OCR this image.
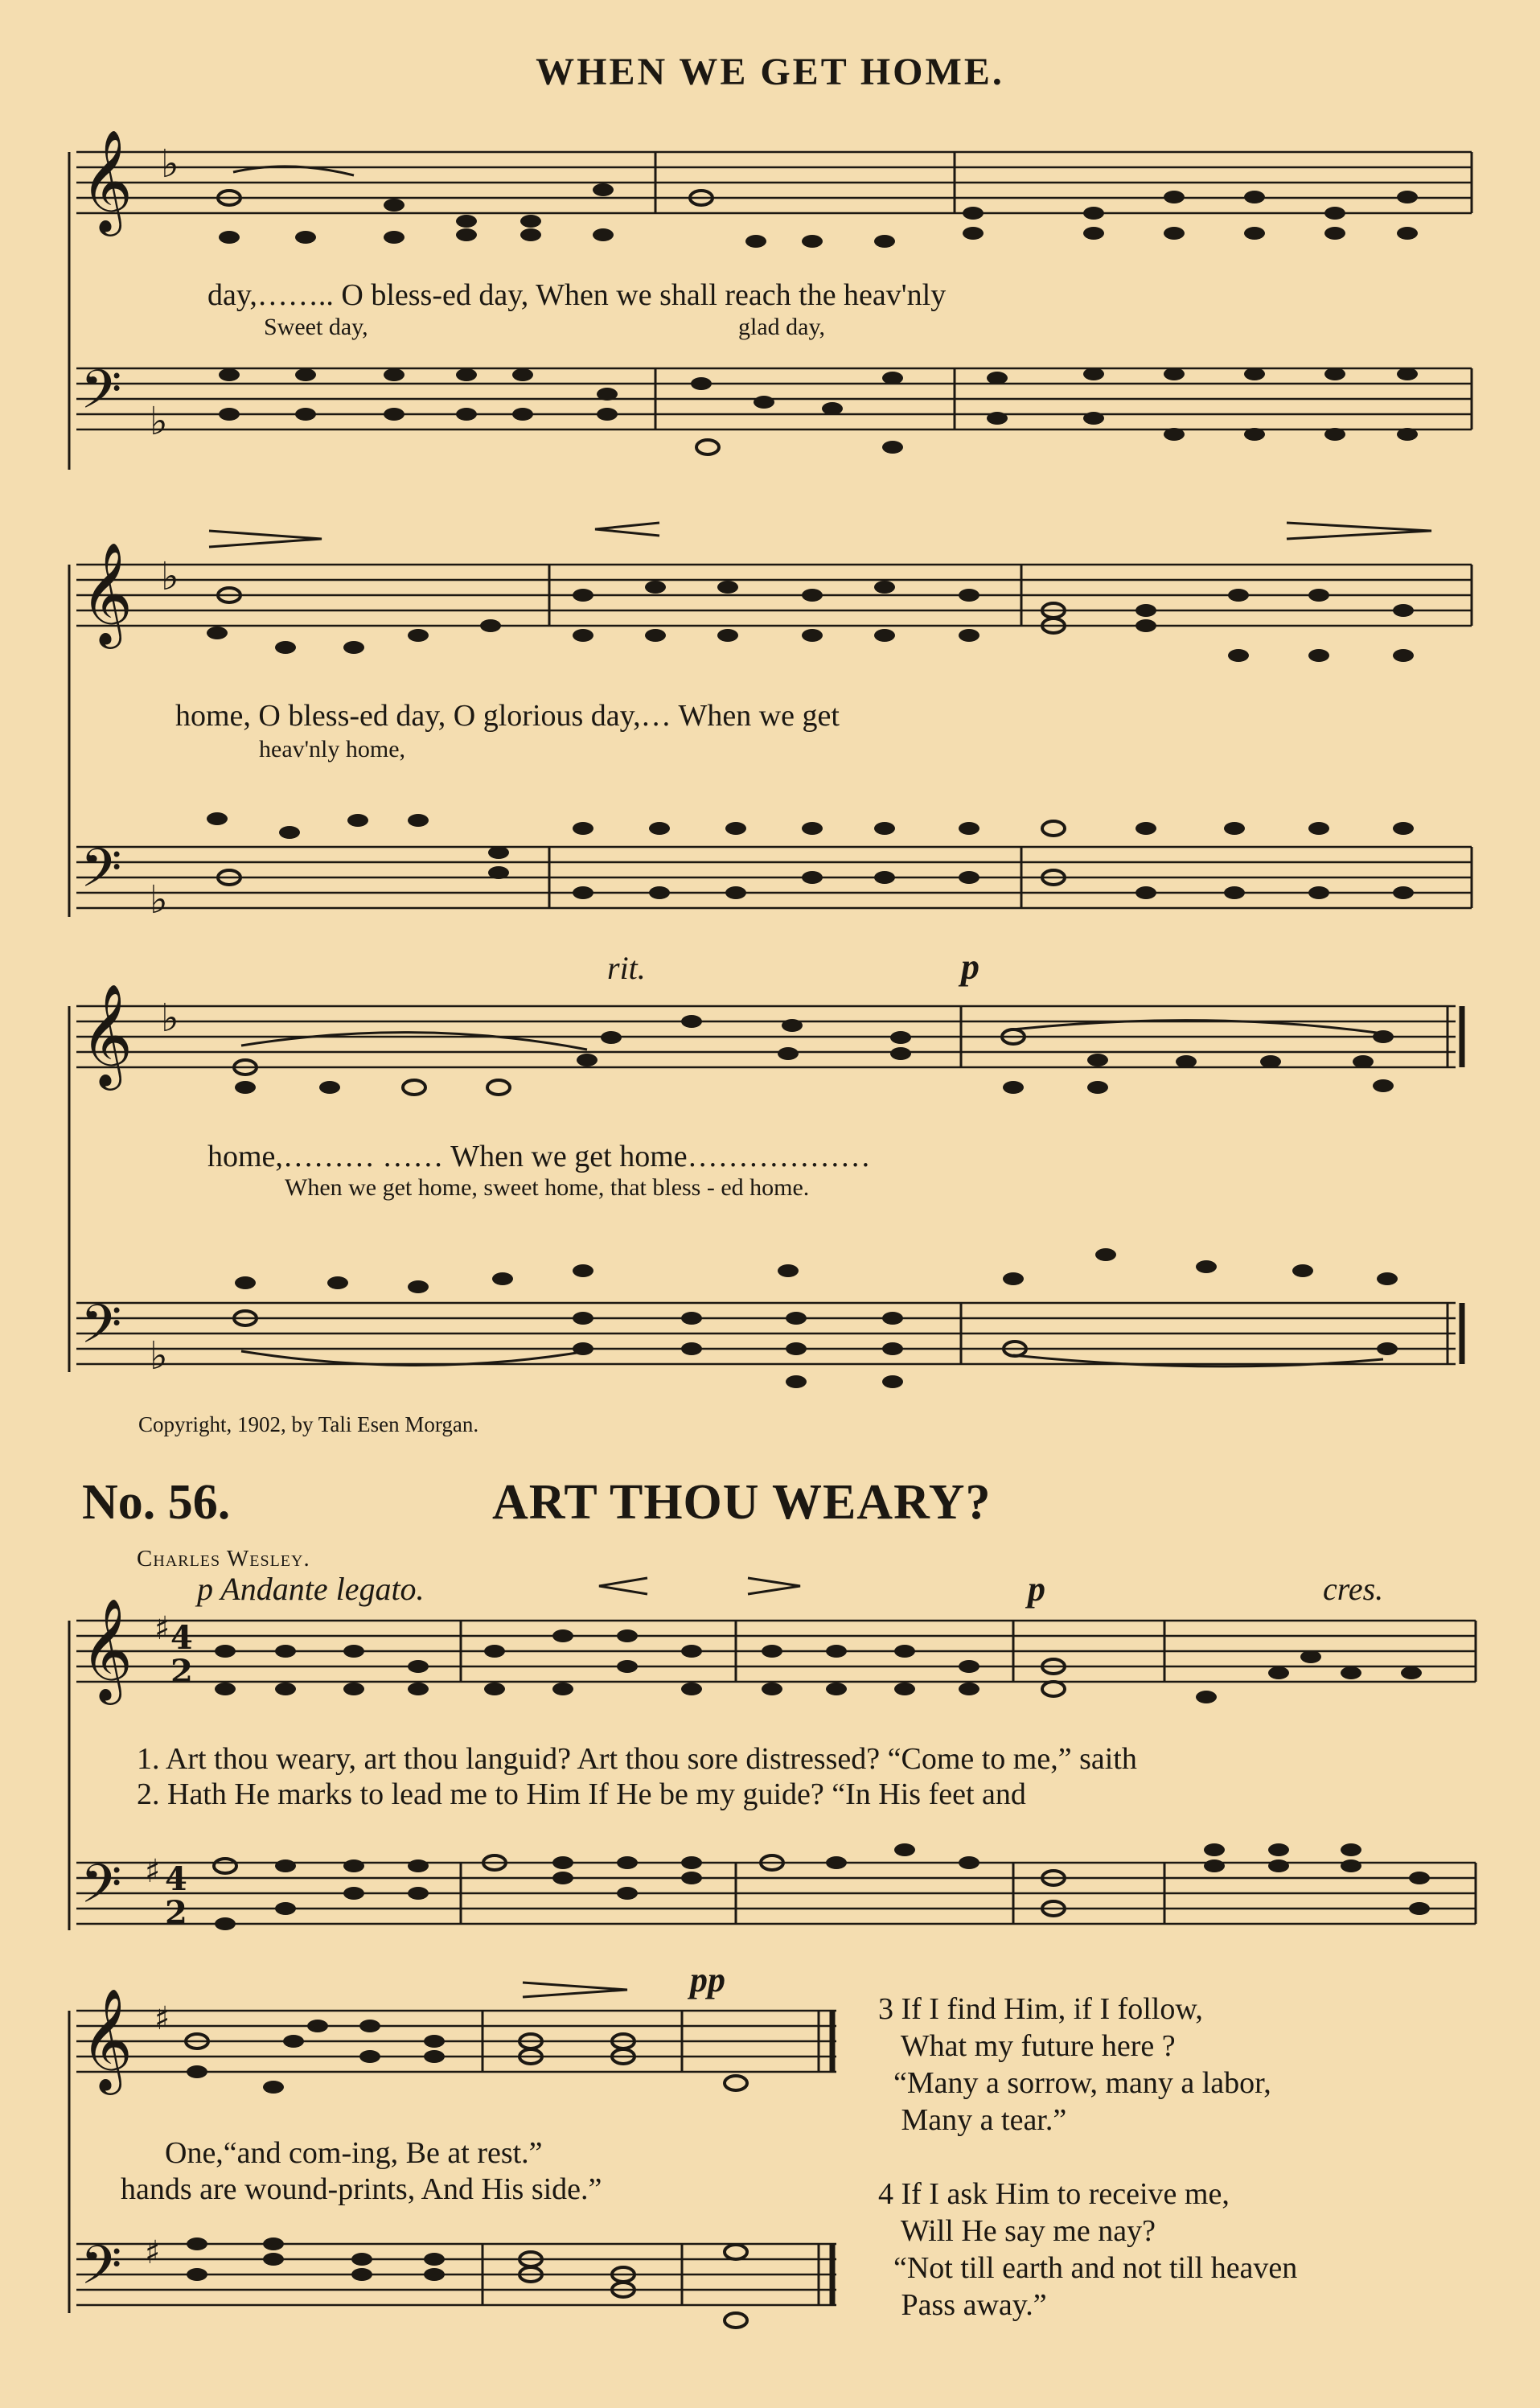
WHEN WE GET HOME.
𝄞
𝄢
♭
♭
day,…….. O bless-ed day, When we shall reach the heav'nly
Sweet day,	glad day,
𝄞
𝄢
♭
♭
home, O bless-ed day, O glorious day,… When we get
heav'nly home,
𝄞
𝄢
♭
♭
rit.	p
home,……… …… When we get home………………
When we get home, sweet home, that bless - ed home.
Copyright, 1902, by Tali Esen Morgan.
No. 56.	ART THOU WEARY?
Charles Wesley.
p Andante legato.	p	cres.
𝄞
𝄢
♯
♯
4
2
4
2
1. Art thou weary, art thou languid? Art thou sore distressed? “Come to me,” saith
2. Hath He marks to lead me to Him If He be my guide? “In His feet and
pp
𝄞
𝄢
♯
♯
One,“and com-ing, Be at rest.”
hands are wound-prints, And His side.”
3 If I find Him, if I follow,
What my future here ?
“Many a sorrow, many a labor,
Many a tear.”
4 If I ask Him to receive me,
Will He say me nay?
“Not till earth and not till heaven
Pass away.”
